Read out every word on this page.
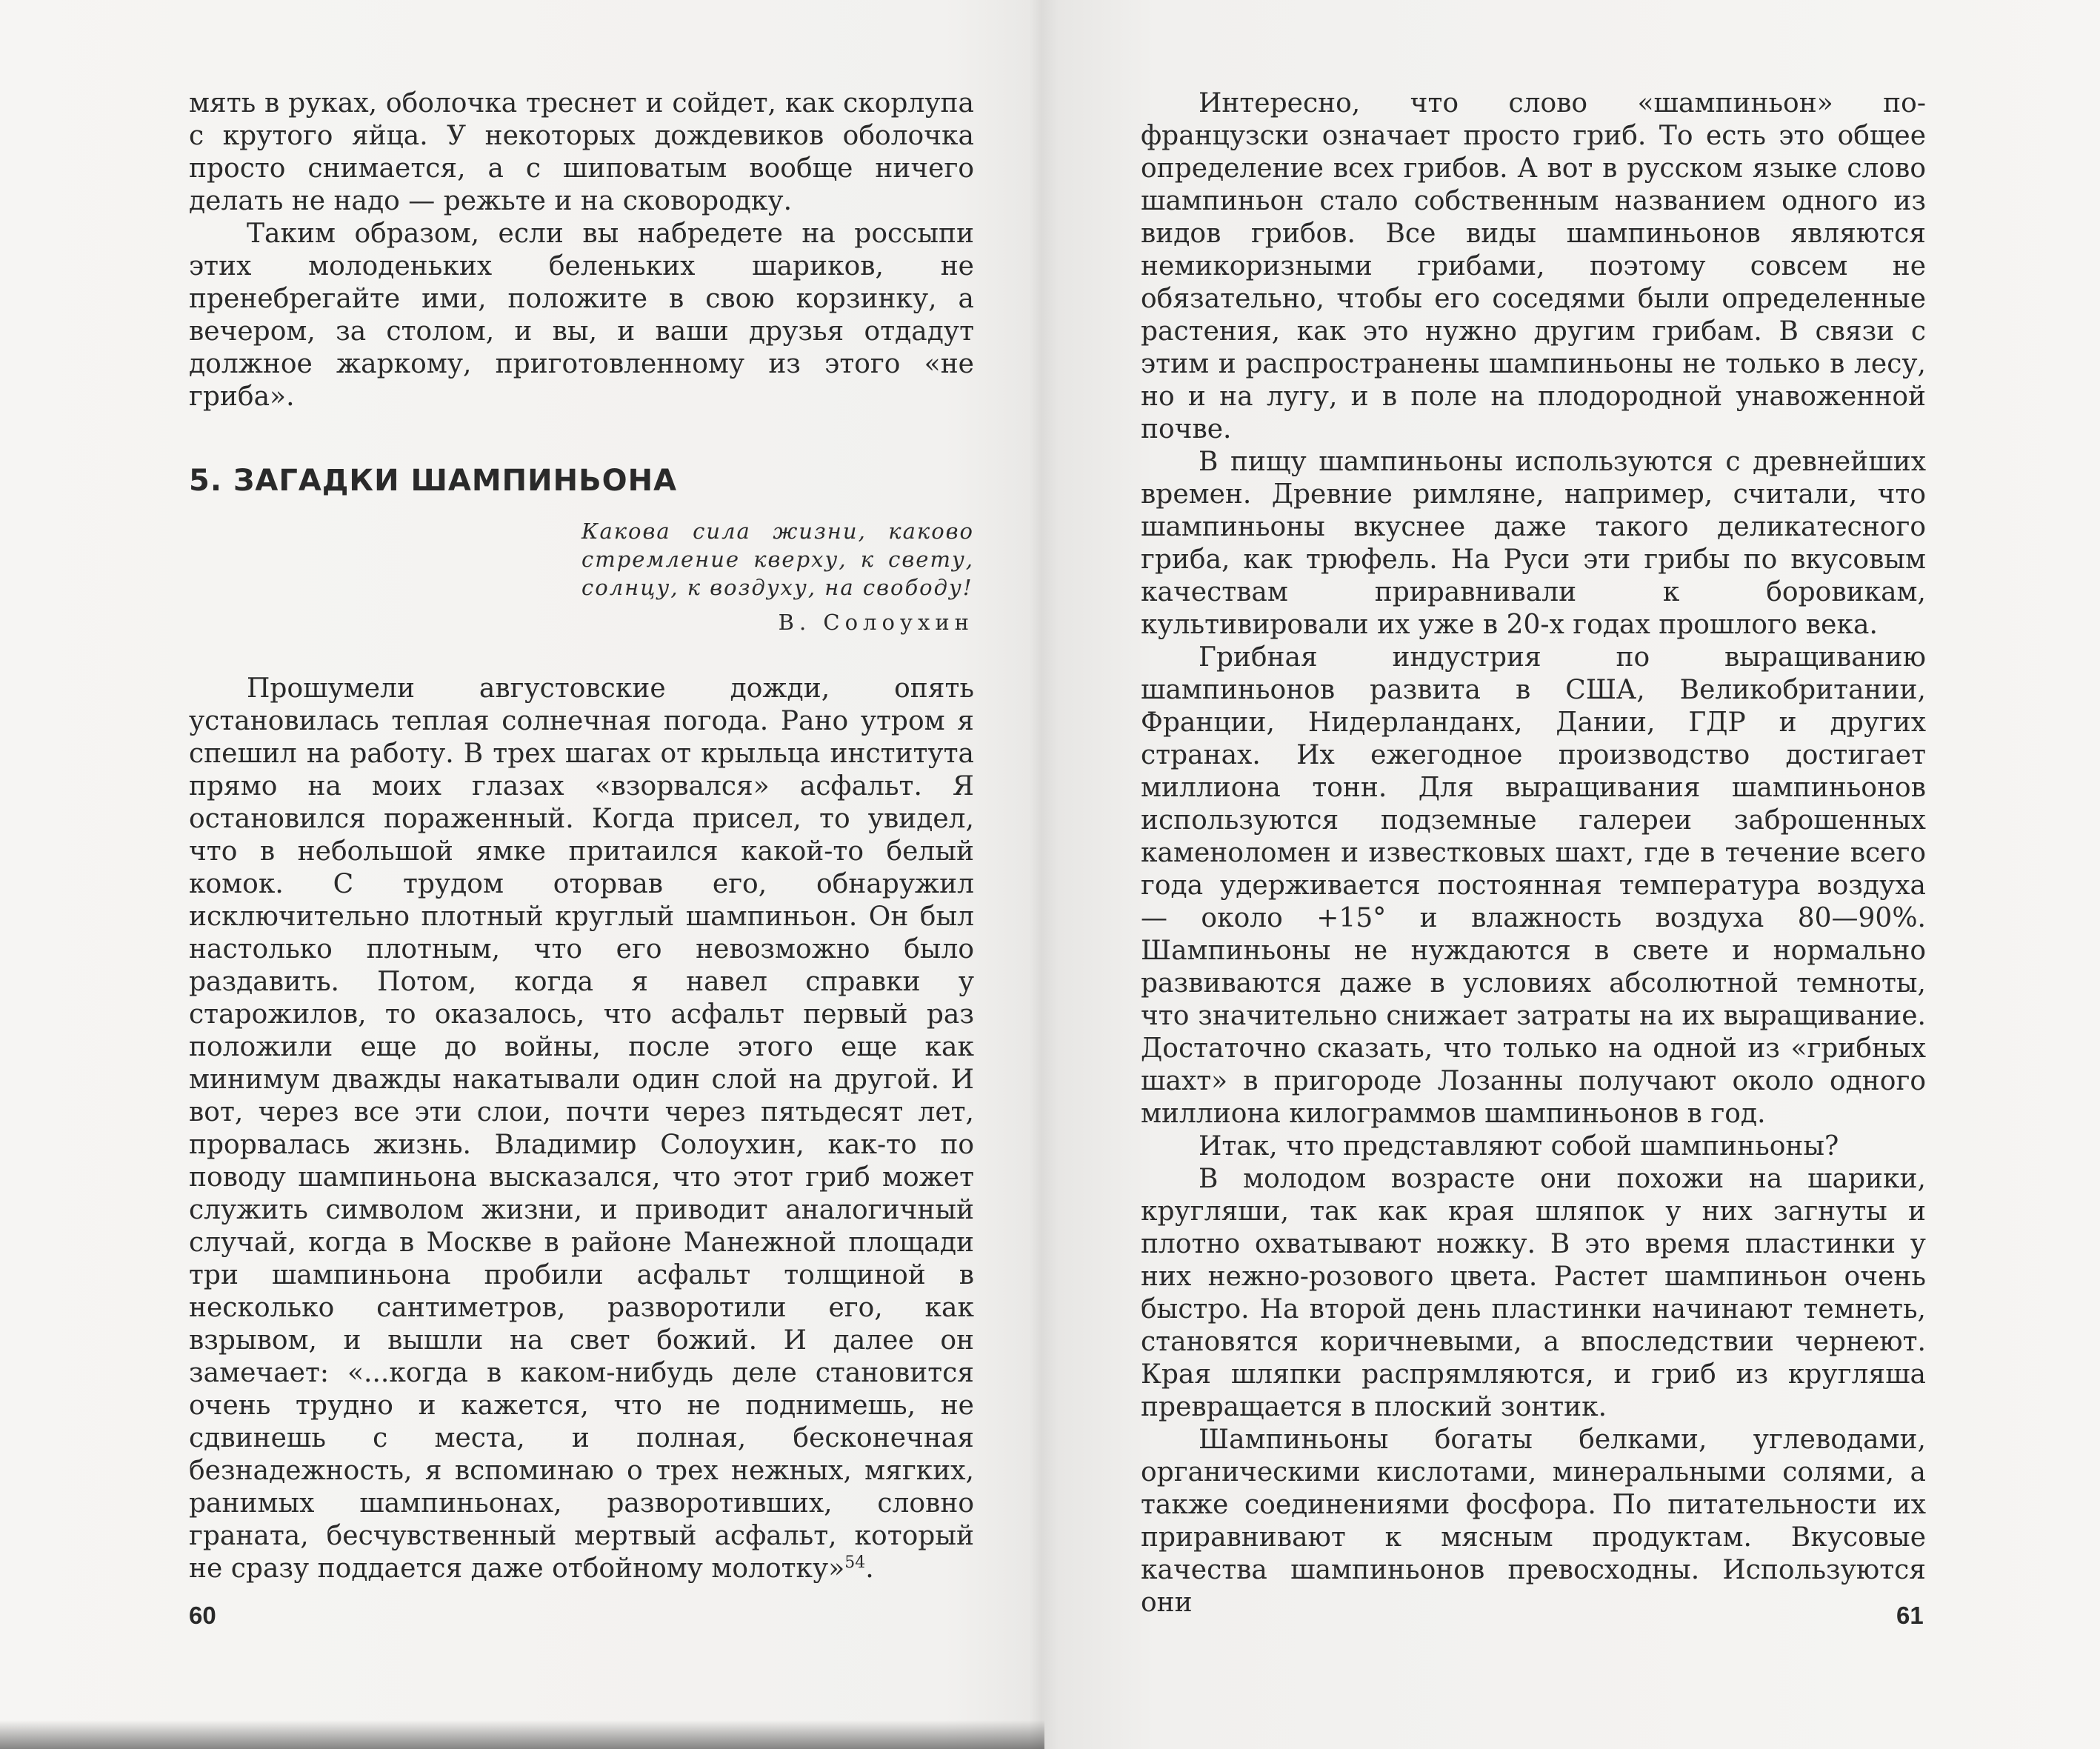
мять в руках, оболочка треснет и сойдет, как скорлупа с крутого яйца. У некоторых дождевиков оболочка просто снимается, а с шиповатым вообще ничего делать не надо — режьте и на сковородку.

Таким образом, если вы набредете на россыпи этих молоденьких беленьких шариков, не пренебрегайте ими, положите в свою корзинку, а вечером, за столом, и вы, и ваши друзья отдадут должное жаркому, приготовленному из этого «не гриба».

5. ЗАГАДКИ ШАМПИНЬОНА
Какова сила жизни, каково стремление кверху, к свету, солнцу, к воздуху, на свободу!
В. Солоухин

Прошумели августовские дожди, опять установилась теплая солнечная погода. Рано утром я спешил на работу. В трех шагах от крыльца института прямо на моих глазах «взорвался» асфальт. Я остановился пораженный. Когда присел, то увидел, что в небольшой ямке притаился какой-то белый комок. С трудом оторвав его, обнаружил исключительно плотный круглый шампиньон. Он был настолько плотным, что его невозможно было раздавить. Потом, когда я навел справки у старожилов, то оказалось, что асфальт первый раз положили еще до войны, после этого еще как минимум дважды накатывали один слой на другой. И вот, через все эти слои, почти через пятьдесят лет, прорвалась жизнь. Владимир Солоухин, как-то по поводу шампиньона высказался, что этот гриб может служить символом жизни, и приводит аналогичный случай, когда в Москве в районе Манежной площади три шампиньона пробили асфальт толщиной в несколько сантиметров, разворотили его, как взрывом, и вышли на свет божий. И далее он замечает: «...когда в каком-нибудь деле становится очень трудно и кажется, что не поднимешь, не сдвинешь с места, и полная, бесконечная безнадежность, я вспоминаю о трех нежных, мягких, ранимых шампиньонах, разворотивших, словно граната, бесчувственный мертвый асфальт, который не сразу поддается даже отбойному молотку»$^{54}$.

Интересно, что слово «шампиньон» по-французски означает просто гриб. То есть это общее определение всех грибов. А вот в русском языке слово шампиньон стало собственным названием одного из видов грибов. Все виды шампиньонов являются немикоризными грибами, поэтому совсем не обязательно, чтобы его соседями были определенные растения, как это нужно другим грибам. В связи с этим и распространены шампиньоны не только в лесу, но и на лугу, и в поле на плодородной унавоженной почве.

В пищу шампиньоны используются с древнейших времен. Древние римляне, например, считали, что шампиньоны вкуснее даже такого деликатесного гриба, как трюфель. На Руси эти грибы по вкусовым качествам приравнивали к боровикам, культивировали их уже в 20-х годах прошлого века.

Грибная индустрия по выращиванию шампиньонов развита в США, Великобритании, Франции, Нидерланданх, Дании, ГДР и других странах. Их ежегодное производство достигает миллиона тонн. Для выращивания шампиньонов используются подземные галереи заброшенных каменоломен и известковых шахт, где в течение всего года удерживается постоянная температура воздуха — около +15° и влажность воздуха 80—90%. Шампиньоны не нуждаются в свете и нормально развиваются даже в условиях абсолютной темноты, что значительно снижает затраты на их выращивание. Достаточно сказать, что только на одной из «грибных шахт» в пригороде Лозанны получают около одного миллиона килограммов шампиньонов в год.

Итак, что представляют собой шампиньоны?

В молодом возрасте они похожи на шарики, кругляши, так как края шляпок у них загнуты и плотно охватывают ножку. В это время пластинки у них нежно-розового цвета. Растет шампиньон очень быстро. На второй день пластинки начинают темнеть, становятся коричневыми, а впоследствии чернеют. Края шляпки распрямляются, и гриб из кругляша превращается в плоский зонтик.

Шампиньоны богаты белками, углеводами, органическими кислотами, минеральными солями, а также соединениями фосфора. По питательности их приравнивают к мясным продуктам. Вкусовые качества шампиньонов превосходны. Используются они

60	61
